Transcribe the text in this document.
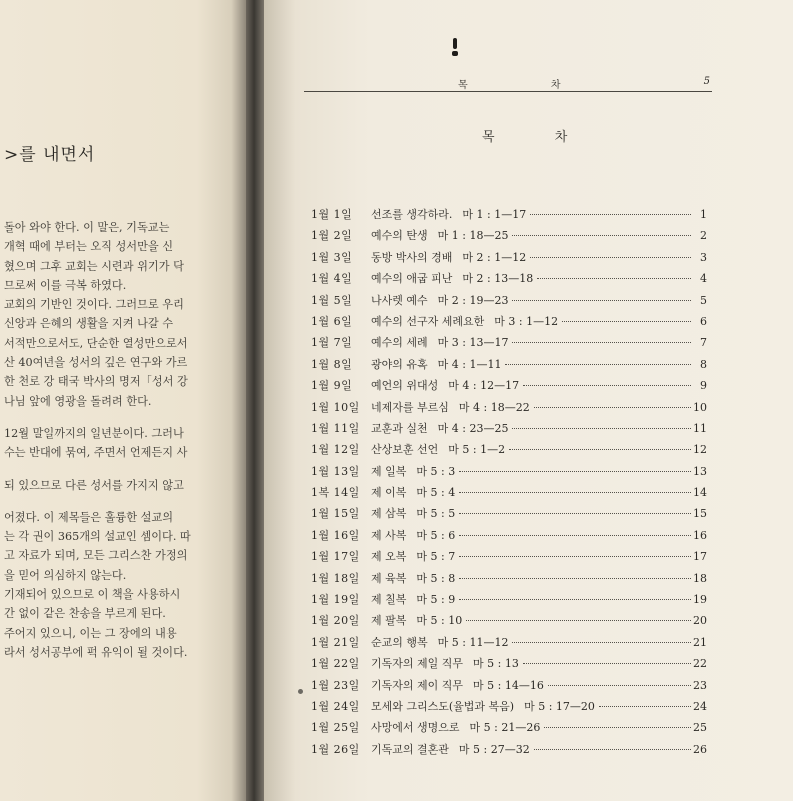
>를 내면서
돌아 와야 한다. 이 말은, 기독교는
개혁 때에 부터는 오직 성서만을 신
혔으며 그후 교회는 시련과 위기가 닥
므로써 이를 극복 하였다.
교회의 기반인 것이다. 그러므로 우리
신앙과 은혜의 생활을 지켜 나갈 수
서적만으로서도, 단순한 열성만으로서
산 40여년을 성서의 깊은 연구와 가르
한 천로 강 태국 박사의 명저「성서 강
나님 앞에 영광을 돌려려 한다.
12월 말일까지의 일년분이다. 그러나
수는 반대에 묶여, 주면서 언제든지 사
되 있으므로 다른 성서를 가지지 않고
어졌다. 이 제목들은 훌륭한 설교의
는 각 권이 365개의 설교인 셈이다. 따
고 자료가 되며, 모든 그리스찬 가정의
을 믿어 의심하지 않는다.
기재되어 있으므로 이 책을 사용하시
간 없이 같은 찬송을 부르게 된다.
주어지 있으니, 이는 그 장에의 내용
라서 성서공부에 퍽 유익이 될 것이다.
목 차	5
목 차
1월 1일	선조를 생각하라. 마 1 : 1—17	1
1월 2일	예수의 탄생 마 1 : 18—25	2
1월 3일	동방 박사의 경배 마 2 : 1—12	3
1월 4일	예수의 애굽 피난 마 2 : 13—18	4
1월 5일	나사렛 예수 마 2 : 19—23	5
1월 6일	예수의 선구자 세례요한 마 3 : 1—12	6
1월 7일	예수의 세례 마 3 : 13—17	7
1월 8일	광야의 유혹 마 4 : 1—11	8
1월 9일	예언의 위대성 마 4 : 12—17	9
1월 10일	네제자를 부르심 마 4 : 18—22	10
1월 11일	교훈과 실천 마 4 : 23—25	11
1월 12일	산상보훈 선언 마 5 : 1—2	12
1월 13일	제 일복 마 5 : 3	13
1복 14일	제 이복 마 5 : 4	14
1월 15일	제 삼복 마 5 : 5	15
1월 16일	제 사복 마 5 : 6	16
1월 17일	제 오복 마 5 : 7	17
1월 18일	제 육복 마 5 : 8	18
1월 19일	제 칠복 마 5 : 9	19
1월 20일	제 팔복 마 5 : 10	20
1월 21일	순교의 행복 마 5 : 11—12	21
1월 22일	기독자의 제일 직무 마 5 : 13	22
1월 23일	기독자의 제이 직무 마 5 : 14—16	23
1월 24일	모세와 그리스도(율법과 복음) 마 5 : 17—20	24
1월 25일	사망에서 생명으로 마 5 : 21—26	25
1월 26일	기독교의 결혼관 마 5 : 27—32	26
